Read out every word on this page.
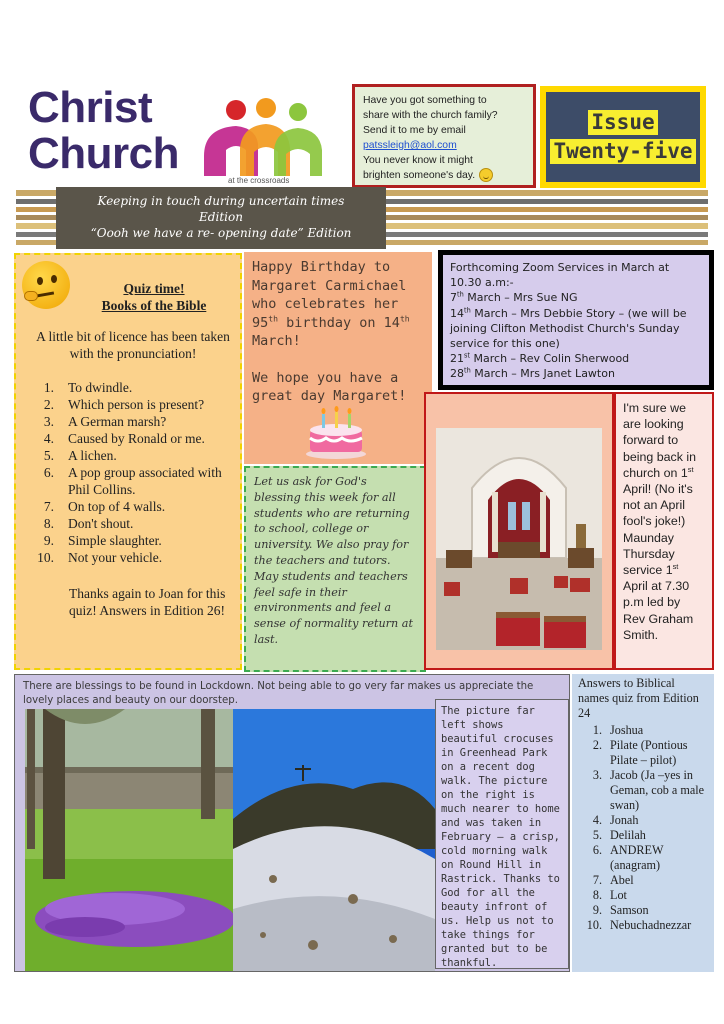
Christ
Church
at the crossroads
Have you got something to
share with the church family?
Send it to me by email
patssleigh@aol.com
You never know it might
brighten someone's day.
Issue
Twenty-five
Keeping in touch during uncertain times
Edition
“Oooh we have a re- opening date” Edition
Quiz time!
Books of the Bible
A little bit of licence has been taken with the pronunciation!
1.	To dwindle.
2.	Which person is present?
3.	A German marsh?
4.	Caused by Ronald or me.
5.	A lichen.
6.	A pop group associated with Phil Collins.
7.	On top of 4 walls.
8.	Don't shout.
9.	Simple slaughter.
10.	Not your vehicle.
Thanks again to Joan for this quiz! Answers in Edition 26!

Happy Birthday to Margaret Carmichael who celebrates her 95th birthday on 14th March!

We hope you have a great day Margaret!

Let us ask for God's blessing this week for all students who are returning to school, college or university. We also pray for the teachers and tutors. May students and teachers feel safe in their environments and feel a sense of normality return at last.

Forthcoming Zoom Services in March at 10.30 a.m:-
7th March – Mrs Sue NG
14th March – Mrs Debbie Story – (we will be joining Clifton Methodist Church's Sunday service for this one)
21st March – Rev Colin Sherwood
28th March – Mrs Janet Lawton

I'm sure we are looking forward to being back in church on 1st April! (No it's not an April fool's joke!) Maunday Thursday service 1st April at 7.30 p.m led by Rev Graham Smith.

There are blessings to be found in Lockdown. Not being able to go very far makes us appreciate the lovely places and beauty on our doorstep.
The picture far left shows beautiful crocuses in Greenhead Park on a recent dog walk. The picture on the right is much nearer to home and was taken in February – a crisp, cold morning walk on Round Hill in Rastrick. Thanks to God for all the beauty infront of us. Help us not to take things for granted but to be thankful.
Answers to Biblical names quiz from Edition 24
1. Joshua
2. Pilate (Pontious Pilate – pilot)
3. Jacob (Ja –yes in Geman, cob a male swan)
4. Jonah
5. Delilah
6. ANDREW (anagram)
7. Abel
8. Lot
9. Samson
10. Nebuchadnezzar
